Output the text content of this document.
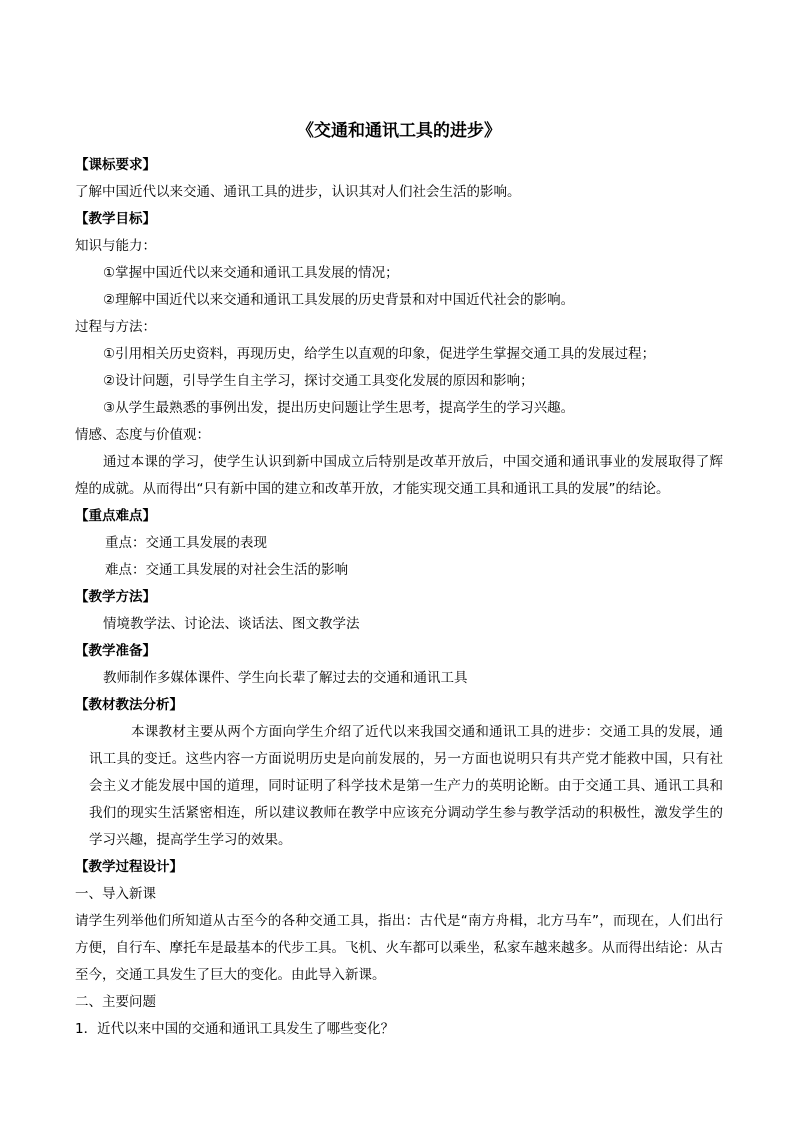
《交通和通讯工具的进步》
【课标要求】
了解中国近代以来交通、通讯工具的进步，认识其对人们社会生活的影响。
【教学目标】
知识与能力：
①掌握中国近代以来交通和通讯工具发展的情况；
②理解中国近代以来交通和通讯工具发展的历史背景和对中国近代社会的影响。
过程与方法：
①引用相关历史资料，再现历史，给学生以直观的印象，促进学生掌握交通工具的发展过程；
②设计问题，引导学生自主学习，探讨交通工具变化发展的原因和影响；
③从学生最熟悉的事例出发，提出历史问题让学生思考，提高学生的学习兴趣。
情感、态度与价值观：
通过本课的学习，使学生认识到新中国成立后特别是改革开放后，中国交通和通讯事业的发展取得了辉煌的成就。从而得出“只有新中国的建立和改革开放，才能实现交通工具和通讯工具的发展”的结论。
【重点难点】
重点：交通工具发展的表现
难点：交通工具发展的对社会生活的影响
【教学方法】
情境教学法、讨论法、谈话法、图文教学法
【教学准备】
教师制作多媒体课件、学生向长辈了解过去的交通和通讯工具
【教材教法分析】
本课教材主要从两个方面向学生介绍了近代以来我国交通和通讯工具的进步：交通工具的发展，通讯工具的变迁。这些内容一方面说明历史是向前发展的，另一方面也说明只有共产党才能救中国，只有社会主义才能发展中国的道理，同时证明了科学技术是第一生产力的英明论断。由于交通工具、通讯工具和我们的现实生活紧密相连，所以建议教师在教学中应该充分调动学生参与教学活动的积极性，激发学生的学习兴趣，提高学生学习的效果。
【教学过程设计】
一、导入新课
请学生列举他们所知道从古至今的各种交通工具，指出：古代是“南方舟楫，北方马车”，而现在，人们出行方便，自行车、摩托车是最基本的代步工具。飞机、火车都可以乘坐，私家车越来越多。从而得出结论：从古至今，交通工具发生了巨大的变化。由此导入新课。
二、主要问题
1．近代以来中国的交通和通讯工具发生了哪些变化？
